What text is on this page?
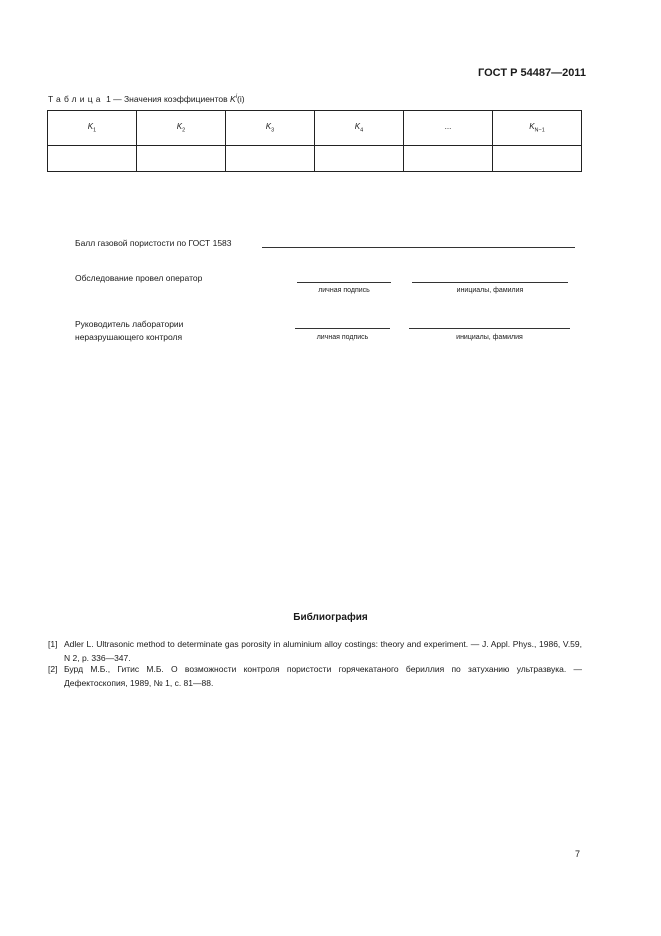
ГОСТ Р 54487—2011
Таблица 1 — Значения коэффициентов $K^i(i)$
$K_1$	$K_2$	$K_3$	$K_4$	...	$K_{N-1}$

Балл газовой пористости по ГОСТ 1583
Обследование провел оператор
личная подпись	инициалы, фамилия
Руководитель лаборатории
неразрушающего контроля	личная подпись	инициалы, фамилия
Библиография
[1] Adler L. Ultrasonic method to determinate gas porosity in aluminium alloy costings: theory and experiment. — J. Appl. Phys., 1986, V.59, N 2, p. 336—347.
[2] Бурд М.Б., Гитис М.Б. О возможности контроля пористости горячекатаного бериллия по затуханию ультразвука. — Дефектоскопия, 1989, № 1, с. 81—88.
7
